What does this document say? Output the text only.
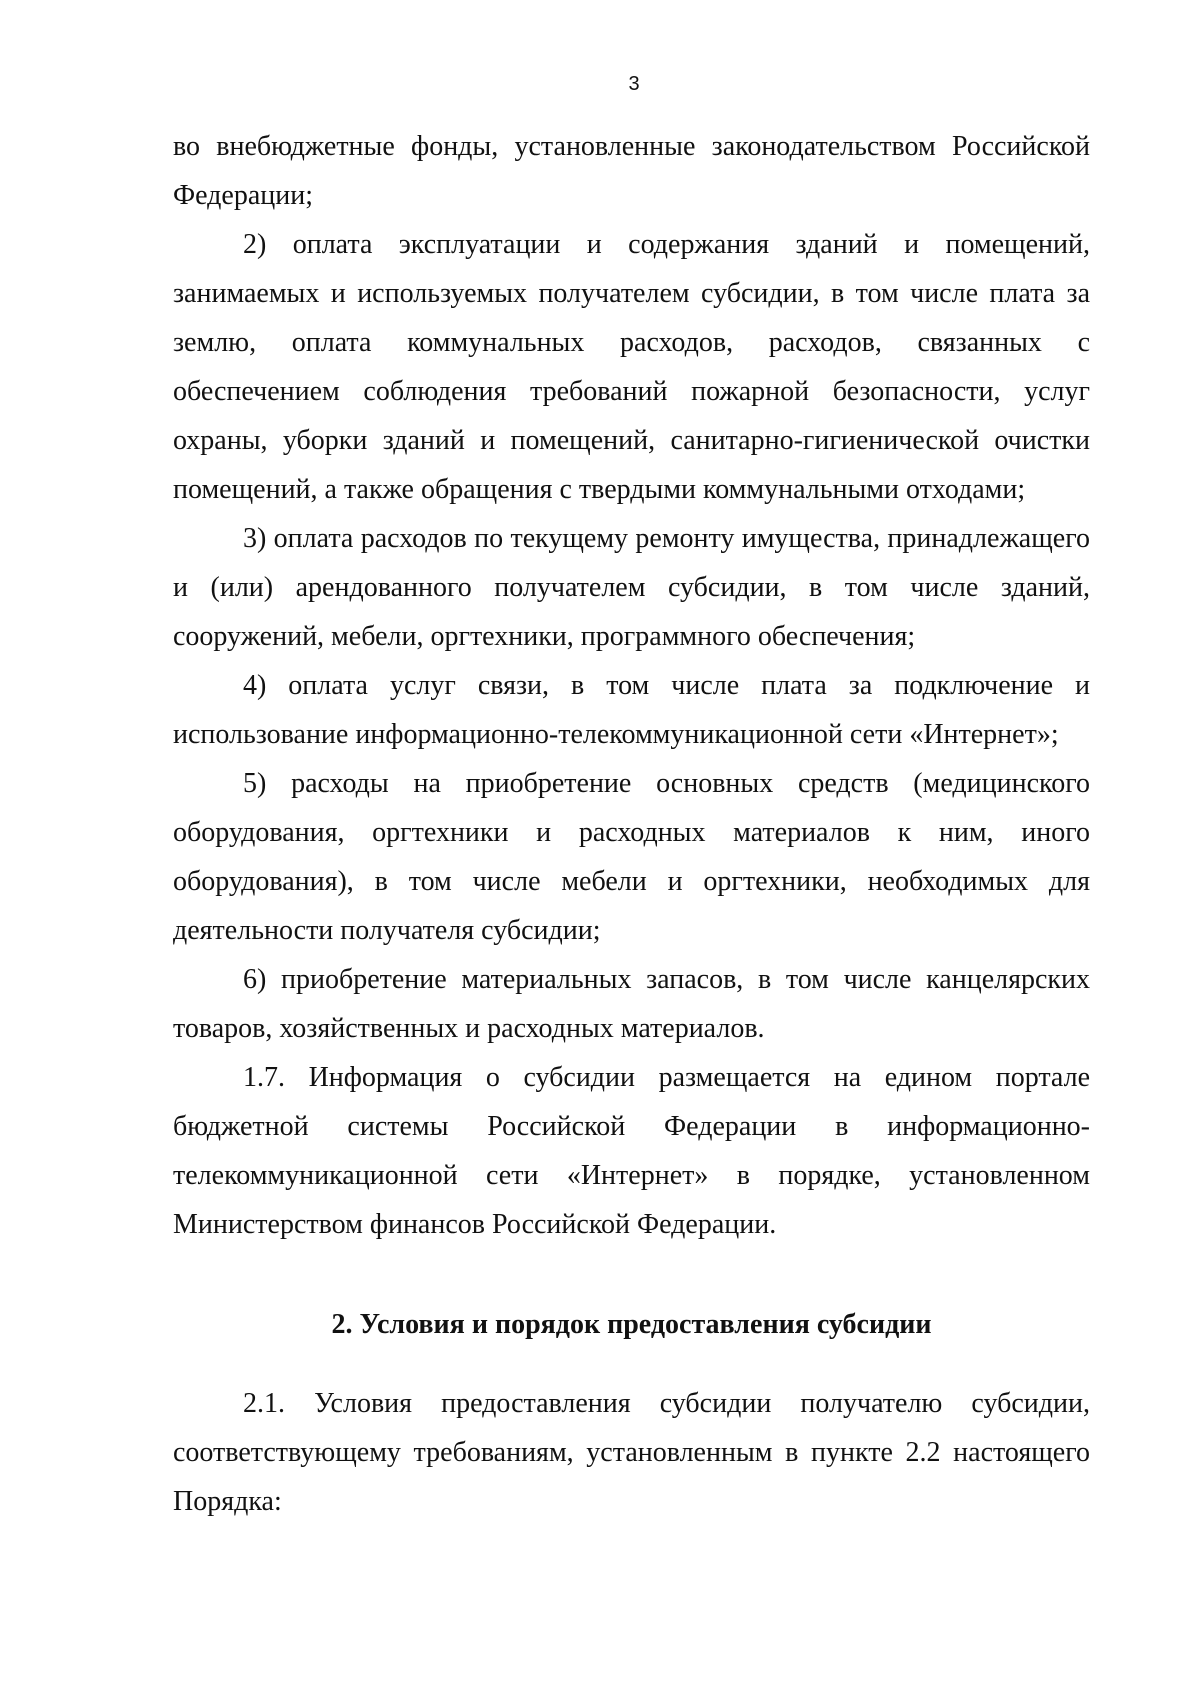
3

во внебюджетные фонды, установленные законодательством Российской Федерации;

2) оплата эксплуатации и содержания зданий и помещений, занимаемых и используемых получателем субсидии, в том числе плата за землю, оплата коммунальных расходов, расходов, связанных с обеспечением соблюдения требований пожарной безопасности, услуг охраны, уборки зданий и помещений, санитарно-гигиенической очистки помещений, а также обращения с твердыми коммунальными отходами;

3) оплата расходов по текущему ремонту имущества, принадлежащего и (или) арендованного получателем субсидии, в том числе зданий, сооружений, мебели, оргтехники, программного обеспечения;

4) оплата услуг связи, в том числе плата за подключение и использование информационно-телекоммуникационной сети «Интернет»;

5) расходы на приобретение основных средств (медицинского оборудования, оргтехники и расходных материалов к ним, иного оборудования), в том числе мебели и оргтехники, необходимых для деятельности получателя субсидии;

6) приобретение материальных запасов, в том числе канцелярских товаров, хозяйственных и расходных материалов.

1.7. Информация о субсидии размещается на едином портале бюджетной системы Российской Федерации в информационно-телекоммуникационной сети «Интернет» в порядке, установленном Министерством финансов Российской Федерации.

2. Условия и порядок предоставления субсидии

2.1. Условия предоставления субсидии получателю субсидии, соответствующему требованиям, установленным в пункте 2.2 настоящего Порядка:
